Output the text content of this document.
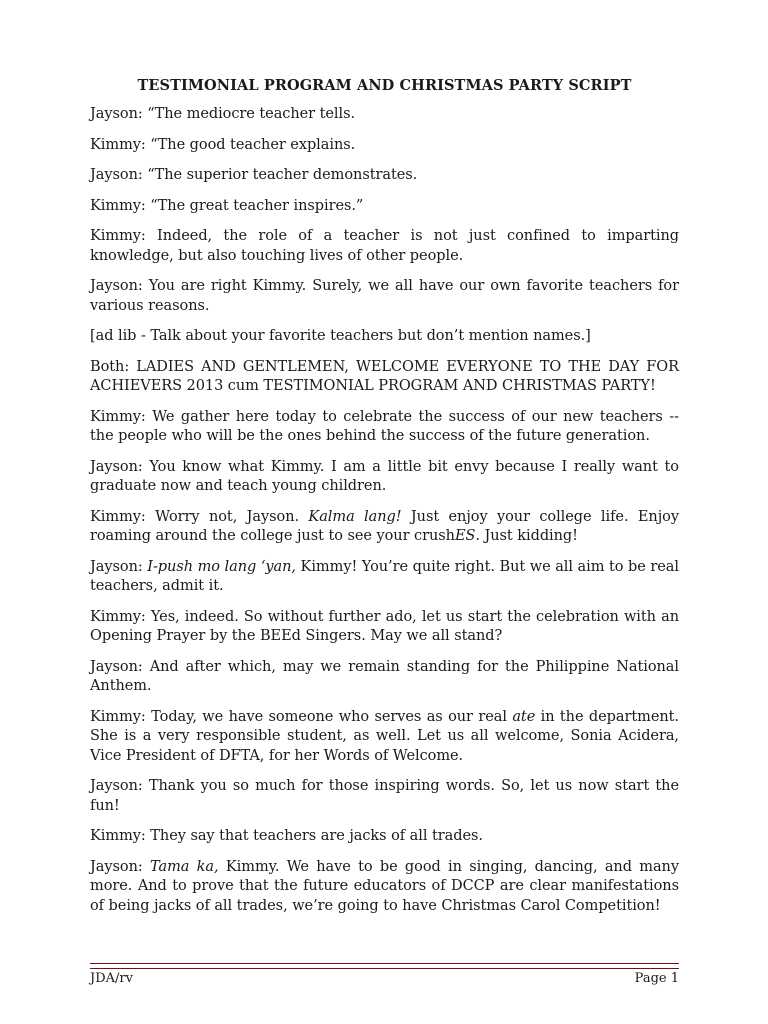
TESTIMONIAL PROGRAM AND CHRISTMAS PARTY SCRIPT

Jayson: “The mediocre teacher tells.

Kimmy: “The good teacher explains.

Jayson: “The superior teacher demonstrates.

Kimmy: “The great teacher inspires.”

Kimmy: Indeed, the role of a teacher is not just confined to imparting knowledge, but also touching lives of other people.

Jayson: You are right Kimmy. Surely, we all have our own favorite teachers for various reasons.

[ad lib - Talk about your favorite teachers but don’t mention names.]

Both: LADIES AND GENTLEMEN, WELCOME EVERYONE TO THE DAY FOR ACHIEVERS 2013 cum TESTIMONIAL PROGRAM AND CHRISTMAS PARTY!

Kimmy: We gather here today to celebrate the success of our new teachers -- the people who will be the ones behind the success of the future generation.

Jayson: You know what Kimmy. I am a little bit envy because I really want to graduate now and teach young children.

Kimmy: Worry not, Jayson. Kalma lang! Just enjoy your college life. Enjoy roaming around the college just to see your crushES. Just kidding!

Jayson: I-push mo lang ‘yan, Kimmy! You’re quite right. But we all aim to be real teachers, admit it.

Kimmy: Yes, indeed. So without further ado, let us start the celebration with an Opening Prayer by the BEEd Singers. May we all stand?

Jayson: And after which, may we remain standing for the Philippine National Anthem.

Kimmy: Today, we have someone who serves as our real ate in the department. She is a very responsible student, as well. Let us all welcome, Sonia Acidera, Vice President of DFTA, for her Words of Welcome.

Jayson: Thank you so much for those inspiring words. So, let us now start the fun!

Kimmy: They say that teachers are jacks of all trades.

Jayson: Tama ka, Kimmy. We have to be good in singing, dancing, and many more. And to prove that the future educators of DCCP are clear manifestations of being jacks of all trades, we’re going to have Christmas Carol Competition!

JDA/rv	Page 1
